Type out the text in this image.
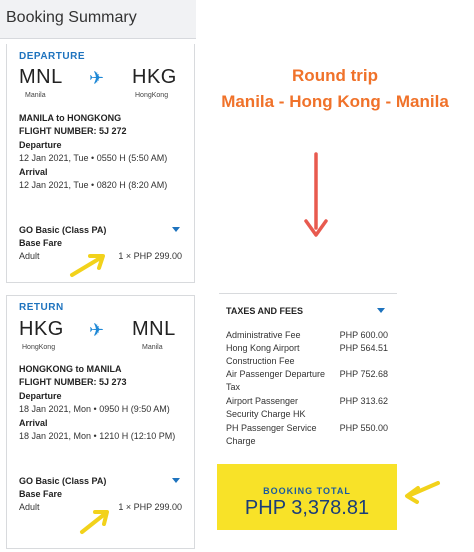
Booking Summary
DEPARTURE
MNL
Manila
✈ HKG
HongKong
MANILA to HONGKONG
FLIGHT NUMBER: 5J 272
Departure
12 Jan 2021, Tue • 0550 H (5:50 AM)
Arrival
12 Jan 2021, Tue • 0820 H (8:20 AM)
GO Basic (Class PA)
Base Fare
Adult	1 × PHP 299.00
RETURN
HKG
HongKong
✈ MNL
Manila
HONGKONG to MANILA
FLIGHT NUMBER: 5J 273
Departure
18 Jan 2021, Mon • 0950 H (9:50 AM)
Arrival
18 Jan 2021, Mon • 1210 H (12:10 PM)
GO Basic (Class PA)
Base Fare
Adult	1 × PHP 299.00
Round trip
Manila - Hong Kong - Manila
TAXES AND FEES
Administrative Fee	PHP 600.00
Hong Kong Airport Construction Fee
PHP 564.51
Air Passenger Departure Tax
PHP 752.68
Airport Passenger Security Charge HK
PHP 313.62
PH Passenger Service Charge
PHP 550.00
BOOKING TOTAL
PHP 3,378.81
